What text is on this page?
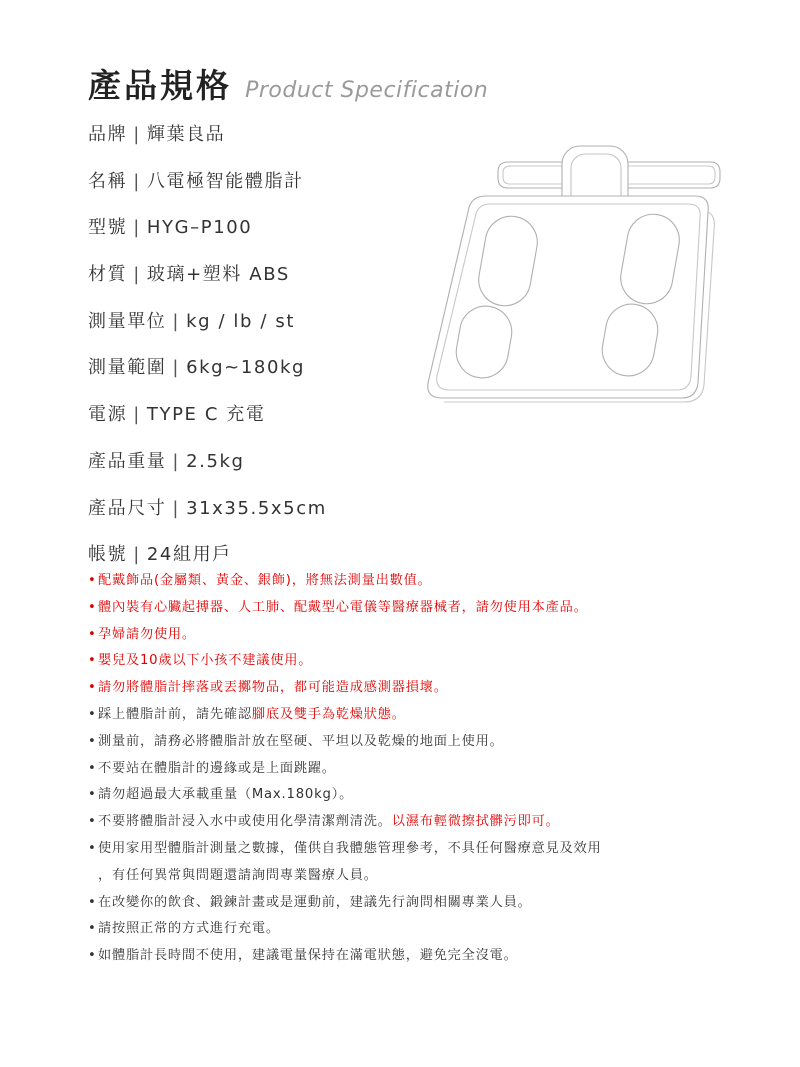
產品規格 Product Specification
品牌 | 輝葉良品
名稱 | 八電極智能體脂計
型號 | HYG–P100
材質 | 玻璃+塑料 ABS
測量單位 | kg / lb / st
測量範圍 | 6kg~180kg
電源 | TYPE C 充電
產品重量 | 2.5kg
產品尺寸 | 31x35.5x5cm
帳號 | 24組用戶
•配戴飾品(金屬類、黃金、銀飾)，將無法測量出數值。
•體內裝有心臟起搏器、人工肺、配戴型心電儀等醫療器械者，請勿使用本產品。
•孕婦請勿使用。
•嬰兒及10歲以下小孩不建議使用。
•請勿將體脂計摔落或丟擲物品，都可能造成感測器損壞。
•踩上體脂計前，請先確認腳底及雙手為乾燥狀態。
•測量前，請務必將體脂計放在堅硬、平坦以及乾燥的地面上使用。
•不要站在體脂計的邊緣或是上面跳躍。
•請勿超過最大承載重量（Max.180kg）。
•不要將體脂計浸入水中或使用化學清潔劑清洗。以濕布輕微擦拭髒污即可。
•使用家用型體脂計測量之數據，僅供自我體態管理參考，不具任何醫療意見及效用
，有任何異常與問題還請詢問專業醫療人員。
•在改變你的飲食、鍛鍊計畫或是運動前，建議先行詢問相關專業人員。
•請按照正常的方式進行充電。
•如體脂計長時間不使用，建議電量保持在滿電狀態，避免完全沒電。
